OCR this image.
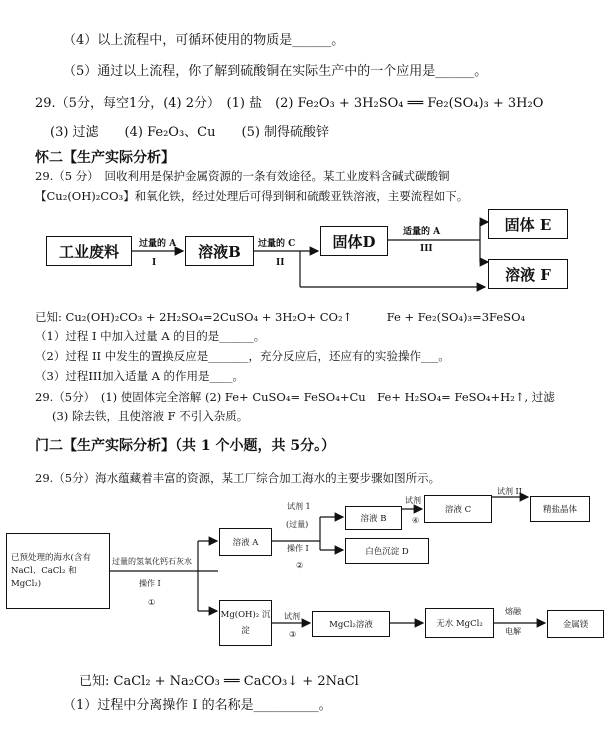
（4）以上流程中，可循环使用的物质是______。
（5）通过以上流程，你了解到硫酸铜在实际生产中的一个应用是______。
29.（5分，每空1分，(4) 2分）　(1) 盐　(2) Fe₂O₃ + 3H₂SO₄ ══ Fe₂(SO₄)₃ + 3H₂O
(3) 过滤　　(4) Fe₂O₃、Cu　　(5) 制得硫酸锌
怀二【生产实际分析】
29.（5 分）　回收利用是保护金属资源的一条有效途径。某工业废料含碱式碳酸铜
【Cu₂(OH)₂CO₃】和氧化铁，经过处理后可得到铜和硫酸亚铁溶液，主要流程如下。
工业废料	溶液B
固体D
固体 E
溶液 F
过量的 A
I
过量的 C
II
适量的 A
III
已知: Cu₂(OH)₂CO₃ + 2H₂SO₄=2CuSO₄ + 3H₂O+ CO₂↑　　　Fe + Fe₂(SO₄)₃=3FeSO₄
（1）过程 I 中加入过量 A 的目的是______。
（2）过程 II 中发生的置换反应是_______，充分反应后，还应有的实验操作___。
（3）过程III加入适量 A 的作用是____。
29.（5分）　(1) 使固体完全溶解 (2) Fe+ CuSO₄= FeSO₄+Cu　Fe+ H₂SO₄= FeSO₄+H₂↑, 过滤
(3) 除去铁，且使溶液 F 不引入杂质。
门二【生产实际分析】（共 1 个小题，共 5分。）
29.（5分）海水蕴藏着丰富的资源，某工厂综合加工海水的主要步骤如图所示。
已预处理的海水(含有 NaCl、CaCl₂ 和 MgCl₂)
过量的氢氧化钙石灰水
操作 I
①
溶液 A
试剂 1
(过量)
操作 I
②
溶液 B
白色沉淀 D
试剂
④
溶液 C
试剂 II
精盐晶体
Mg(OH)₂ 沉淀
试剂
③
MgCl₂溶液	无水 MgCl₂
熔融
电解
金属镁
已知: CaCl₂ + Na₂CO₃ ══ CaCO₃↓ + 2NaCl
（1）过程中分离操作 I 的名称是__________。
